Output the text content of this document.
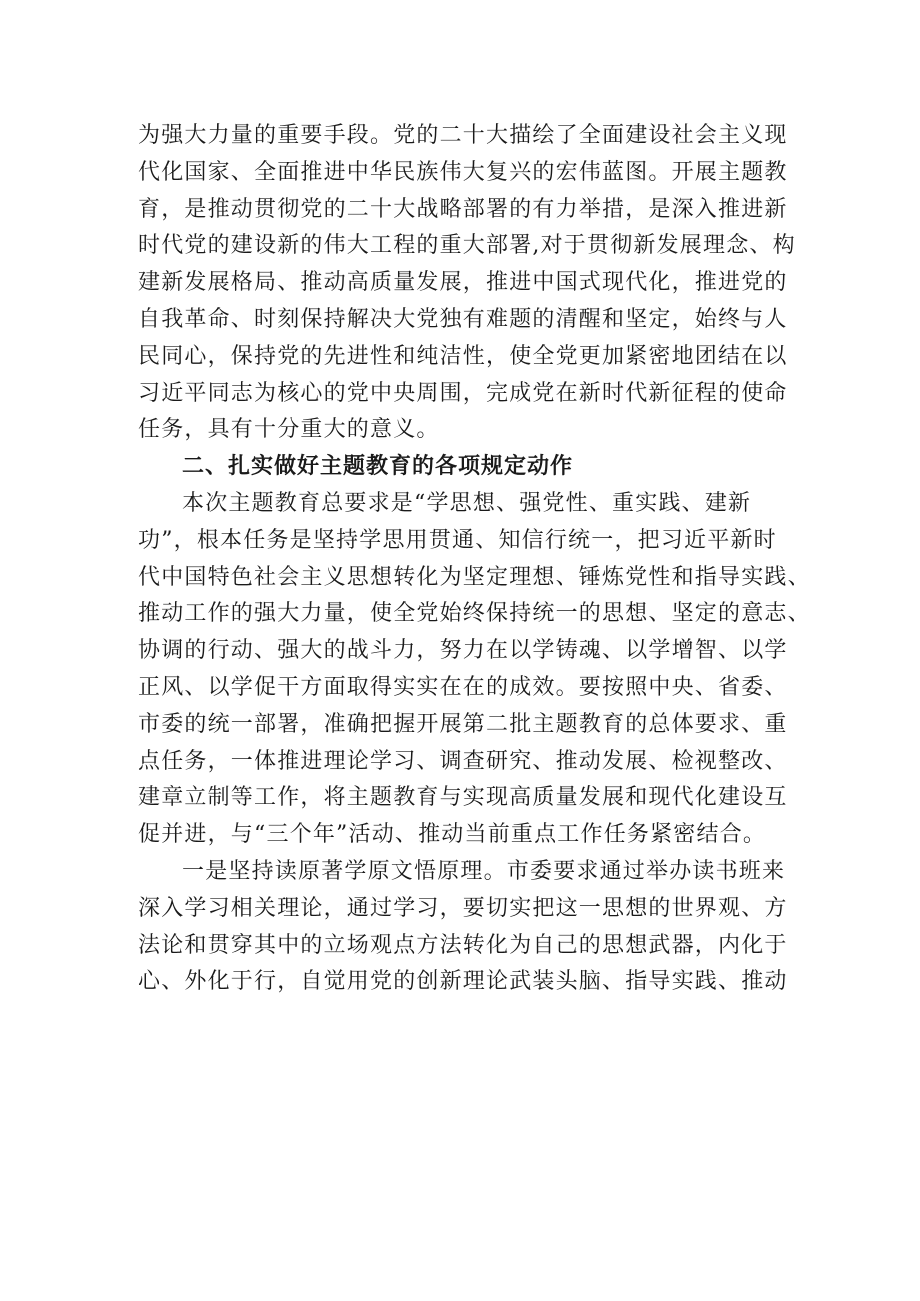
为强大力量的重要手段。党的二十大描绘了全面建设社会主义现
代化国家、全面推进中华民族伟大复兴的宏伟蓝图。开展主题教
育，是推动贯彻党的二十大战略部署的有力举措，是深入推进新
时代党的建设新的伟大工程的重大部署,对于贯彻新发展理念、构
建新发展格局、推动高质量发展，推进中国式现代化，推进党的
自我革命、时刻保持解决大党独有难题的清醒和坚定，始终与人
民同心，保持党的先进性和纯洁性，使全党更加紧密地团结在以
习近平同志为核心的党中央周围，完成党在新时代新征程的使命
任务，具有十分重大的意义。
二、扎实做好主题教育的各项规定动作
本次主题教育总要求是“学思想、强党性、重实践、建新
功”，根本任务是坚持学思用贯通、知信行统一，把习近平新时
代中国特色社会主义思想转化为坚定理想、锤炼党性和指导实践、
推动工作的强大力量，使全党始终保持统一的思想、坚定的意志、
协调的行动、强大的战斗力，努力在以学铸魂、以学增智、以学
正风、以学促干方面取得实实在在的成效。要按照中央、省委、
市委的统一部署，准确把握开展第二批主题教育的总体要求、重
点任务，一体推进理论学习、调查研究、推动发展、检视整改、
建章立制等工作，将主题教育与实现高质量发展和现代化建设互
促并进，与“三个年”活动、推动当前重点工作任务紧密结合。
一是坚持读原著学原文悟原理。市委要求通过举办读书班来
深入学习相关理论，通过学习，要切实把这一思想的世界观、方
法论和贯穿其中的立场观点方法转化为自己的思想武器，内化于
心、外化于行，自觉用党的创新理论武装头脑、指导实践、推动
